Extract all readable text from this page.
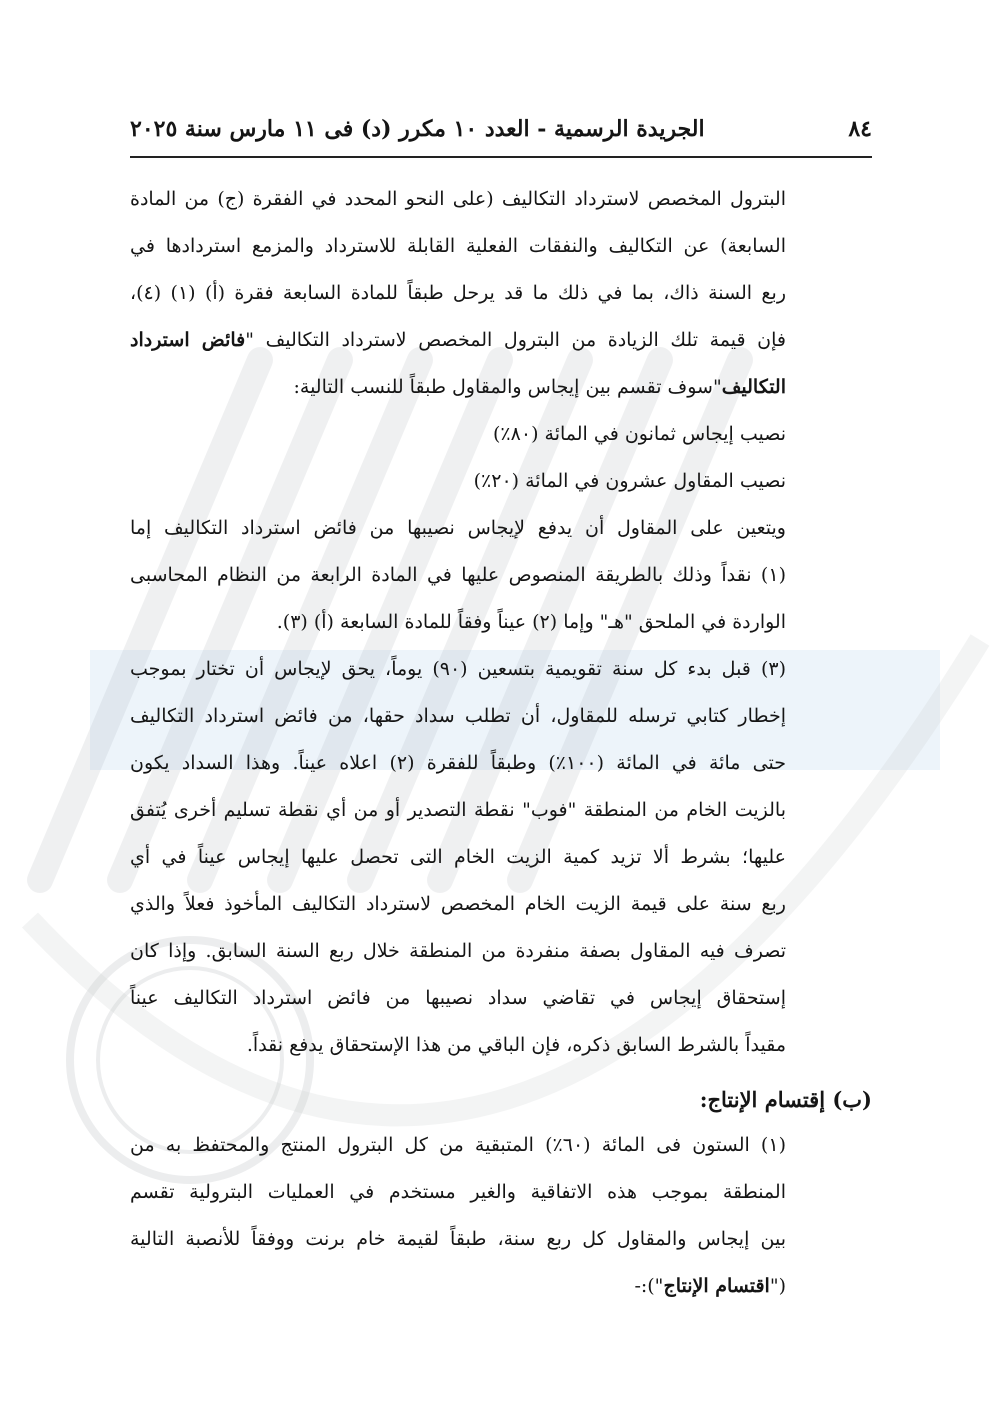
٨٤
الجريدة الرسمية - العدد ١٠ مكرر (د) فى ١١ مارس سنة ٢٠٢٥
البترول المخصص لاسترداد التكاليف (على النحو المحدد في الفقرة (ج) من المادة
السابعة) عن التكاليف والنفقات الفعلية القابلة للاسترداد والمزمع استردادها في
ربع السنة ذاك، بما في ذلك ما قد يرحل طبقاً للمادة السابعة فقرة (أ) (١) (٤)،
فإن قيمة تلك الزيادة من البترول المخصص لاسترداد التكاليف "فائض استرداد
التكاليف"سوف تقسم بين إيجاس والمقاول طبقاً للنسب التالية:
نصيب إيجاس ثمانون في المائة (٨٠٪)
نصيب المقاول عشرون في المائة (٢٠٪)
ويتعين على المقاول أن يدفع لإيجاس نصيبها من فائض استرداد التكاليف إما
(١) نقداً وذلك بالطريقة المنصوص عليها في المادة الرابعة من النظام المحاسبى
الواردة في الملحق "هـ" وإما (٢) عيناً وفقاً للمادة السابعة (أ) (٣).
(٣) قبل بدء كل سنة تقويمية بتسعين (٩٠) يوماً، يحق لإيجاس أن تختار بموجب
إخطار كتابي ترسله للمقاول، أن تطلب سداد حقها، من فائض استرداد التكاليف
حتى مائة في المائة (١٠٠٪) وطبقاً للفقرة (٢) اعلاه عيناً. وهذا السداد يكون
بالزيت الخام من المنطقة "فوب" نقطة التصدير أو من أي نقطة تسليم أخرى يُتفق
عليها؛ بشرط ألا تزيد كمية الزيت الخام التى تحصل عليها إيجاس عيناً في أي
ربع سنة على قيمة الزيت الخام المخصص لاسترداد التكاليف المأخوذ فعلاً والذي
تصرف فيه المقاول بصفة منفردة من المنطقة خلال ربع السنة السابق. وإذا كان
إستحقاق إيجاس في تقاضي سداد نصيبها من فائض استرداد التكاليف عيناً
مقيداً بالشرط السابق ذكره، فإن الباقي من هذا الإستحقاق يدفع نقداً.
(ب) إقتسام الإنتاج:
(١) الستون فى المائة (٦٠٪) المتبقية من كل البترول المنتج والمحتفظ به من
المنطقة بموجب هذه الاتفاقية والغير مستخدم في العمليات البترولية تقسم
بين إيجاس والمقاول كل ربع سنة، طبقاً لقيمة خام برنت ووفقاً للأنصبة التالية
("اقتسام الإنتاج"):-
